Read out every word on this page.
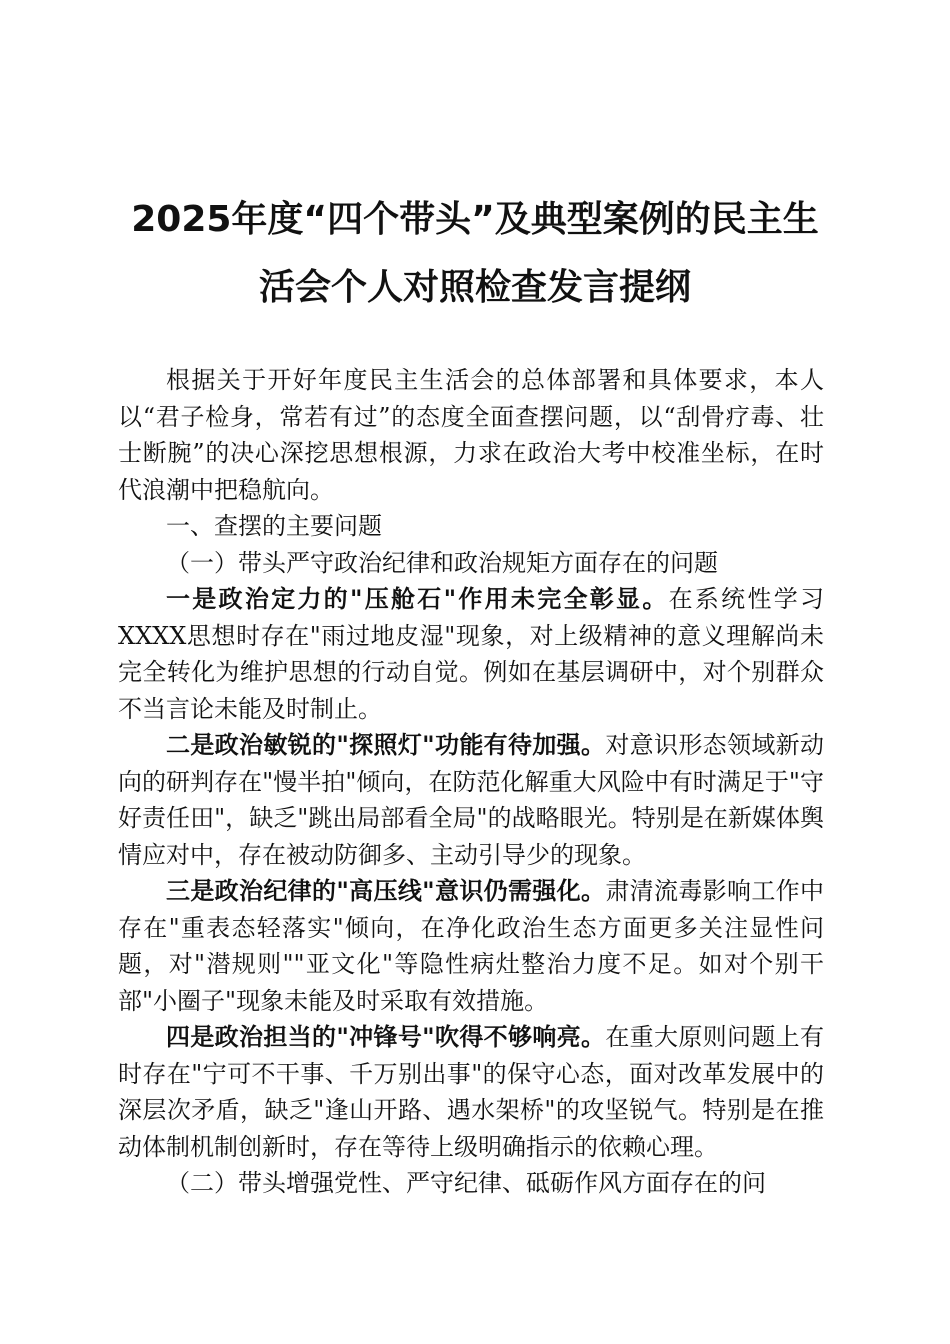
2025年度“四个带头”及典型案例的民主生
活会个人对照检查发言提纲

根据关于开好年度民主生活会的总体部署和具体要求，本人以“君子检身，常若有过”的态度全面查摆问题，以“刮骨疗毒、壮士断腕”的决心深挖思想根源，力求在政治大考中校准坐标，在时代浪潮中把稳航向。

一、查摆的主要问题

（一）带头严守政治纪律和政治规矩方面存在的问题

一是政治定力的"压舱石"作用未完全彰显。在系统性学习XXXX思想时存在"雨过地皮湿"现象，对上级精神的意义理解尚未完全转化为维护思想的行动自觉。例如在基层调研中，对个别群众不当言论未能及时制止。

二是政治敏锐的"探照灯"功能有待加强。对意识形态领域新动向的研判存在"慢半拍"倾向，在防范化解重大风险中有时满足于"守好责任田"，缺乏"跳出局部看全局"的战略眼光。特别是在新媒体舆情应对中，存在被动防御多、主动引导少的现象。

三是政治纪律的"高压线"意识仍需强化。肃清流毒影响工作中存在"重表态轻落实"倾向，在净化政治生态方面更多关注显性问题，对"潜规则""亚文化"等隐性病灶整治力度不足。如对个别干部"小圈子"现象未能及时采取有效措施。

四是政治担当的"冲锋号"吹得不够响亮。在重大原则问题上有时存在"宁可不干事、千万别出事"的保守心态，面对改革发展中的深层次矛盾，缺乏"逢山开路、遇水架桥"的攻坚锐气。特别是在推动体制机制创新时，存在等待上级明确指示的依赖心理。

（二）带头增强党性、严守纪律、砥砺作风方面存在的问
